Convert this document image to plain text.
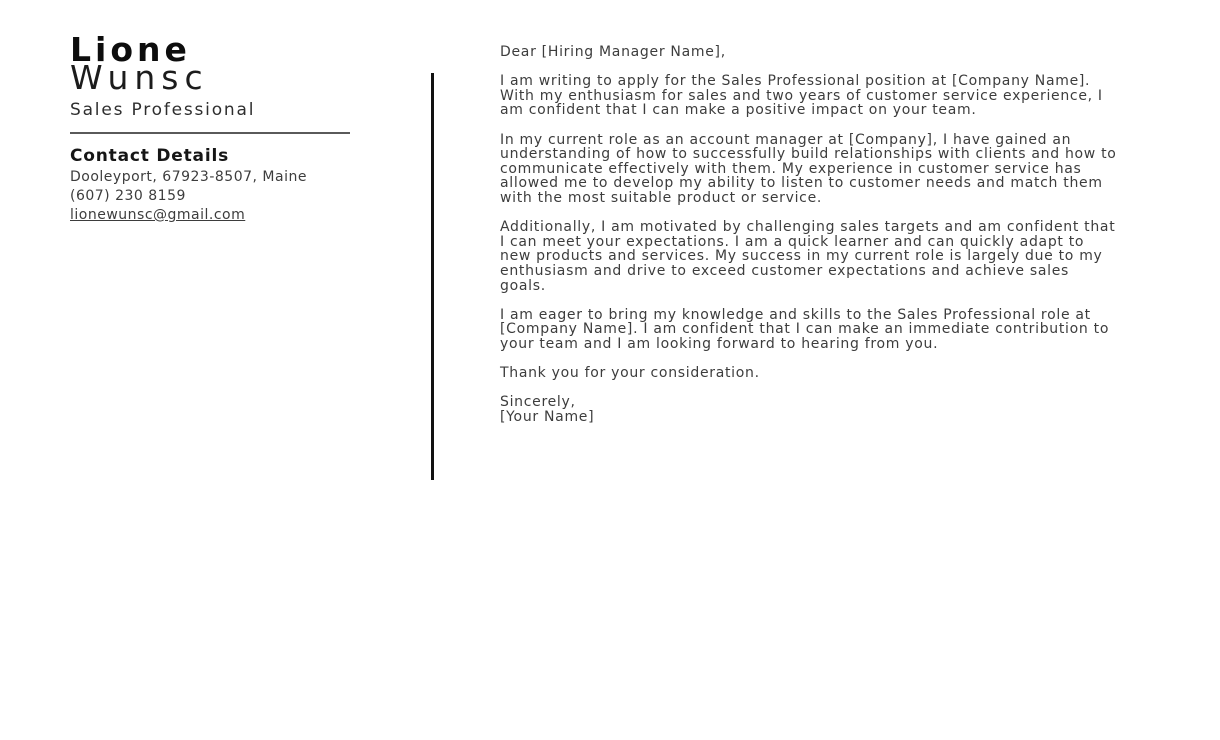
Lione
Wunsc
Sales Professional
Contact Details

Dooleyport, 67923-8507, Maine

(607) 230 8159

lionewunsc@gmail.com

Dear [Hiring Manager Name],

I am writing to apply for the Sales Professional position at [Company Name]. With my enthusiasm for sales and two years of customer service experience, I am confident that I can make a positive impact on your team.

In my current role as an account manager at [Company], I have gained an understanding of how to successfully build relationships with clients and how to communicate effectively with them. My experience in customer service has allowed me to develop my ability to listen to customer needs and match them with the most suitable product or service.

Additionally, I am motivated by challenging sales targets and am confident that I can meet your expectations. I am a quick learner and can quickly adapt to new products and services. My success in my current role is largely due to my enthusiasm and drive to exceed customer expectations and achieve sales goals.

I am eager to bring my knowledge and skills to the Sales Professional role at [Company Name]. I am confident that I can make an immediate contribution to your team and I am looking forward to hearing from you.

Thank you for your consideration.

Sincerely,
[Your Name]
